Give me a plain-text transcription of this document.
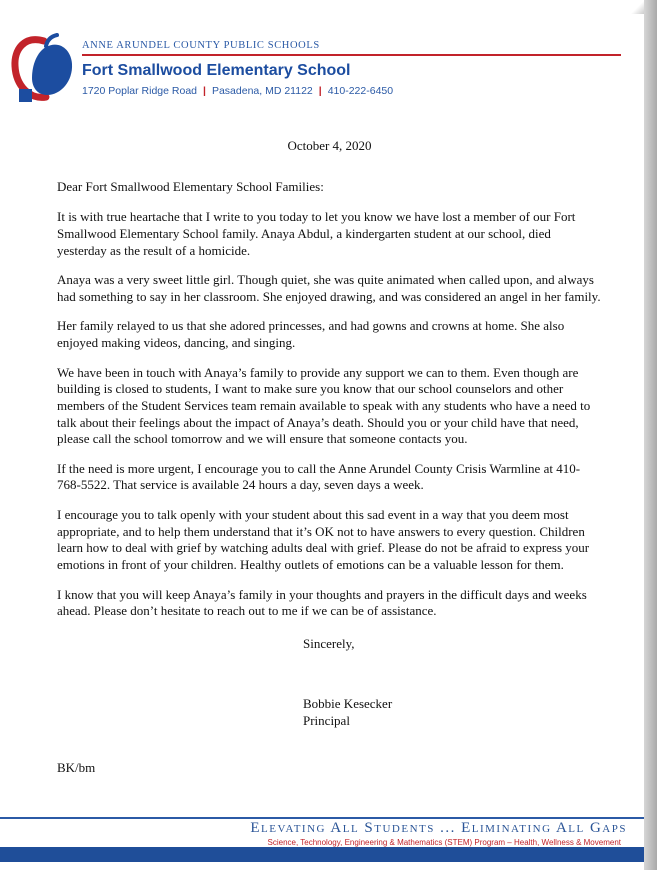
ANNE ARUNDEL COUNTY PUBLIC SCHOOLS
Fort Smallwood Elementary School
1720 Poplar Ridge Road | Pasadena, MD 21122 | 410-222-6450
October 4, 2020
Dear Fort Smallwood Elementary School Families:

It is with true heartache that I write to you today to let you know we have lost a member of our Fort Smallwood Elementary School family. Anaya Abdul, a kindergarten student at our school, died yesterday as the result of a homicide.

Anaya was a very sweet little girl. Though quiet, she was quite animated when called upon, and always had something to say in her classroom. She enjoyed drawing, and was considered an angel in her family.

Her family relayed to us that she adored princesses, and had gowns and crowns at home. She also enjoyed making videos, dancing, and singing.

We have been in touch with Anaya’s family to provide any support we can to them. Even though are building is closed to students, I want to make sure you know that our school counselors and other members of the Student Services team remain available to speak with any students who have a need to talk about their feelings about the impact of Anaya’s death. Should you or your child have that need, please call the school tomorrow and we will ensure that someone contacts you.

If the need is more urgent, I encourage you to call the Anne Arundel County Crisis Warmline at 410-768-5522. That service is available 24 hours a day, seven days a week.

I encourage you to talk openly with your student about this sad event in a way that you deem most appropriate, and to help them understand that it’s OK not to have answers to every question. Children learn how to deal with grief by watching adults deal with grief. Please do not be afraid to express your emotions in front of your children. Healthy outlets of emotions can be a valuable lesson for them.

I know that you will keep Anaya’s family in your thoughts and prayers in the difficult days and weeks ahead. Please don’t hesitate to reach out to me if we can be of assistance.

Sincerely,
Bobbie Kesecker
Principal
BK/bm
Elevating All Students ... Eliminating All Gaps
Science, Technology, Engineering & Mathematics (STEM) Program – Health, Wellness & Movement
